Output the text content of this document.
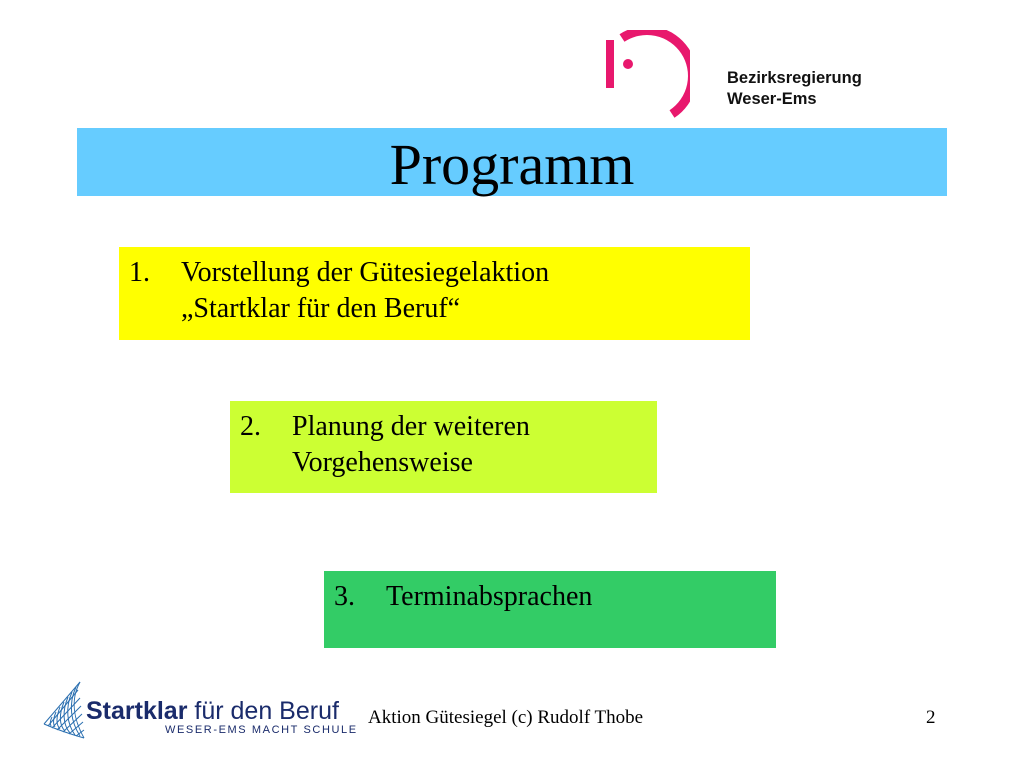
Bezirksregierung
Weser-Ems
Programm
1. Vorstellung der Gütesiegelaktion
„Startklar für den Beruf“
2. Planung der weiteren
Vorgehensweise
3. Terminabsprachen
Startklar für den Beruf
WESER-EMS MACHT SCHULE
Aktion Gütesiegel (c) Rudolf Thobe	2
